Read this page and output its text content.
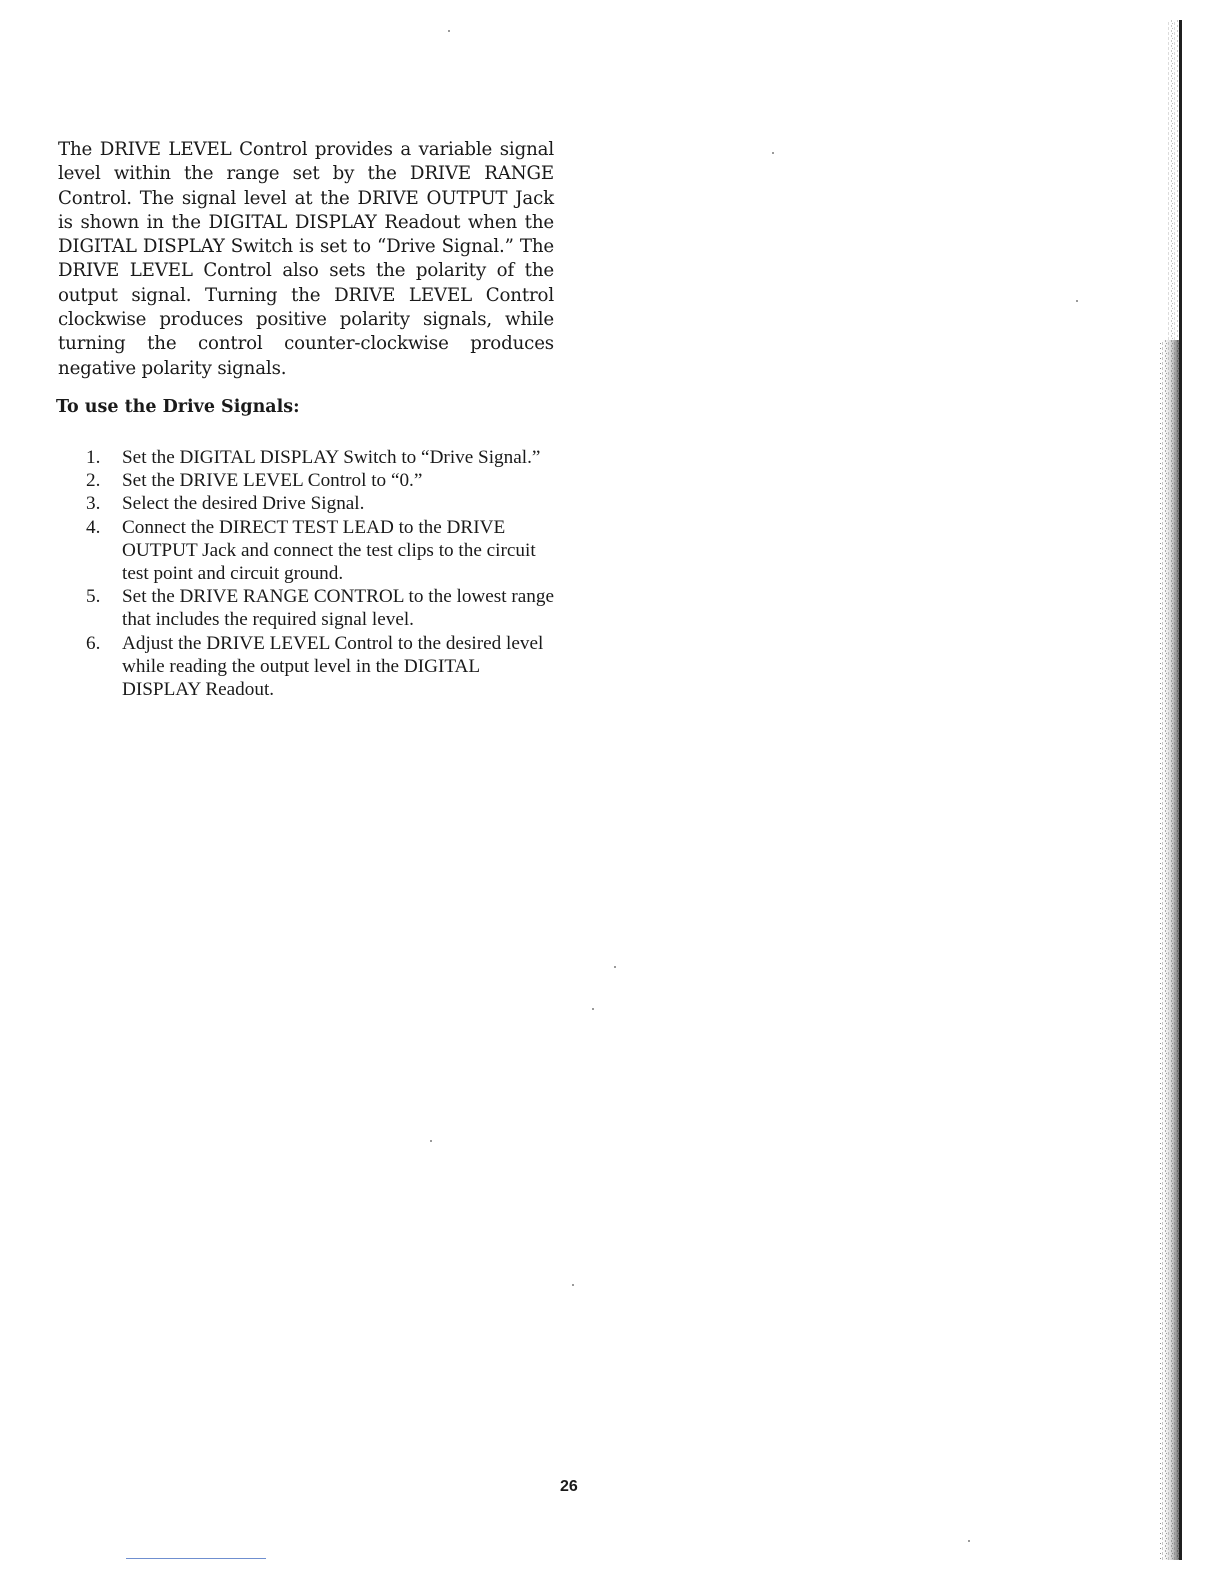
The DRIVE LEVEL Control provides a variable signal level within the range set by the DRIVE RANGE Control. The signal level at the DRIVE OUTPUT Jack is shown in the DIGITAL DISPLAY Readout when the DIGITAL DISPLAY Switch is set to “Drive Signal.” The DRIVE LEVEL Control also sets the polarity of the output signal. Turning the DRIVE LEVEL Control clockwise produces positive polarity signals, while turning the control counter-clockwise produces negative polarity signals.

To use the Drive Signals:
1. Set the DIGITAL DISPLAY Switch to “Drive Signal.”
2. Set the DRIVE LEVEL Control to “0.”
3. Select the desired Drive Signal.
4. Connect the DIRECT TEST LEAD to the DRIVE OUTPUT Jack and connect the test clips to the circuit test point and circuit ground.
5. Set the DRIVE RANGE CONTROL to the lowest range that includes the required signal level.
6. Adjust the DRIVE LEVEL Control to the desired level while reading the output level in the DIGITAL DISPLAY Readout.
26
